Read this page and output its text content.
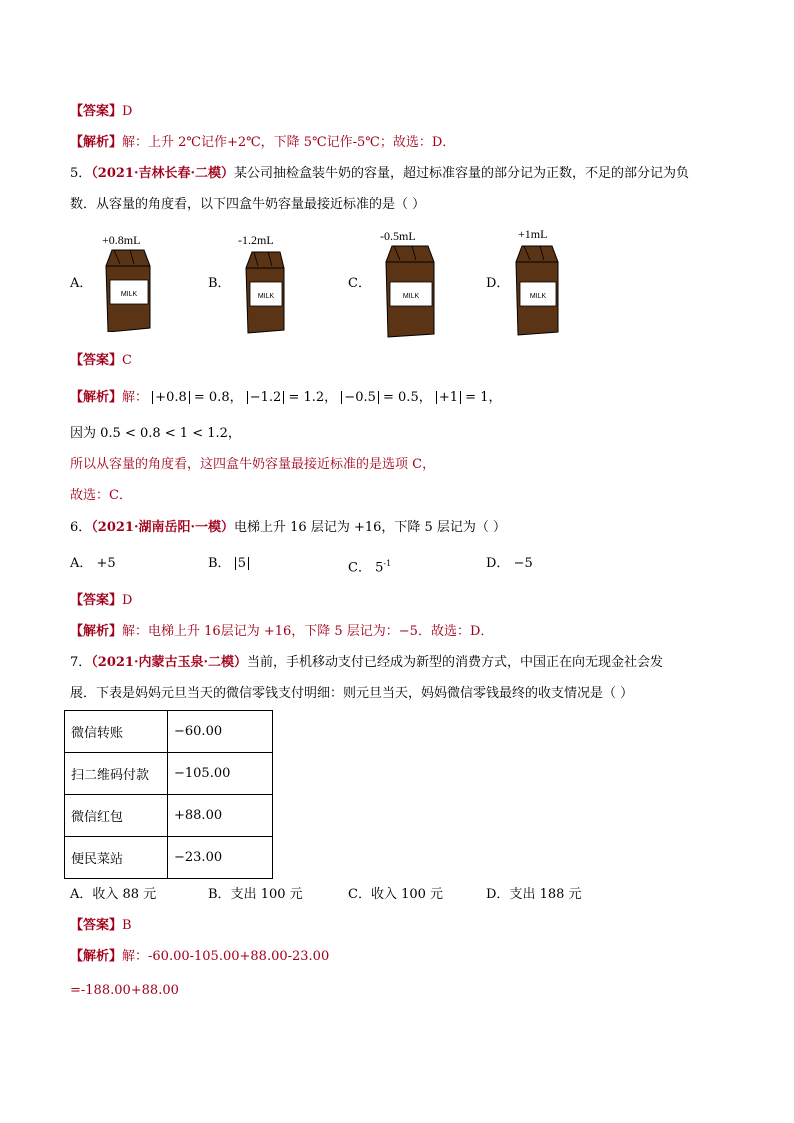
【答案】D
【解析】解：上升 2℃记作+2℃，下降 5℃记作-5℃；故选：D．
5．（2021·吉林长春·二模）某公司抽检盒装牛奶的容量，超过标准容量的部分记为正数，不足的部分记为负
数．从容量的角度看，以下四盒牛奶容量最接近标准的是（ ）
A．
+0.8mL
MILK
B．
-1.2mL
MILK
C．
-0.5mL
MILK
D．
+1mL
MILK
【答案】C
【解析】解： +0.8 = 0.8， −1.2 = 1.2， −0.5 = 0.5， +1 = 1，
因为 0.5 < 0.8 < 1 < 1.2，
所以从容量的角度看，这四盒牛奶容量最接近标准的是选项 C，
故选：C．
6．（2021·湖南岳阳·一模）电梯上升 16 层记为 +16，下降 5 层记为（ ）
A． +5	B． 5	C． $5^{-1}$	D． −5
【答案】D
【解析】解：电梯上升 16层记为 +16，下降 5 层记为：−5．故选：D．
7．（2021·内蒙古玉泉·二模）当前，手机移动支付已经成为新型的消费方式，中国正在向无现金社会发
展．下表是妈妈元旦当天的微信零钱支付明细：则元旦当天，妈妈微信零钱最终的收支情况是（ ）
微信转账	−60.00
扫二维码付款	−105.00
微信红包	+88.00
便民菜站	−23.00
A．收入 88 元	B．支出 100 元	C．收入 100 元	D．支出 188 元
【答案】B
【解析】解：-60.00-105.00+88.00-23.00
=-188.00+88.00
